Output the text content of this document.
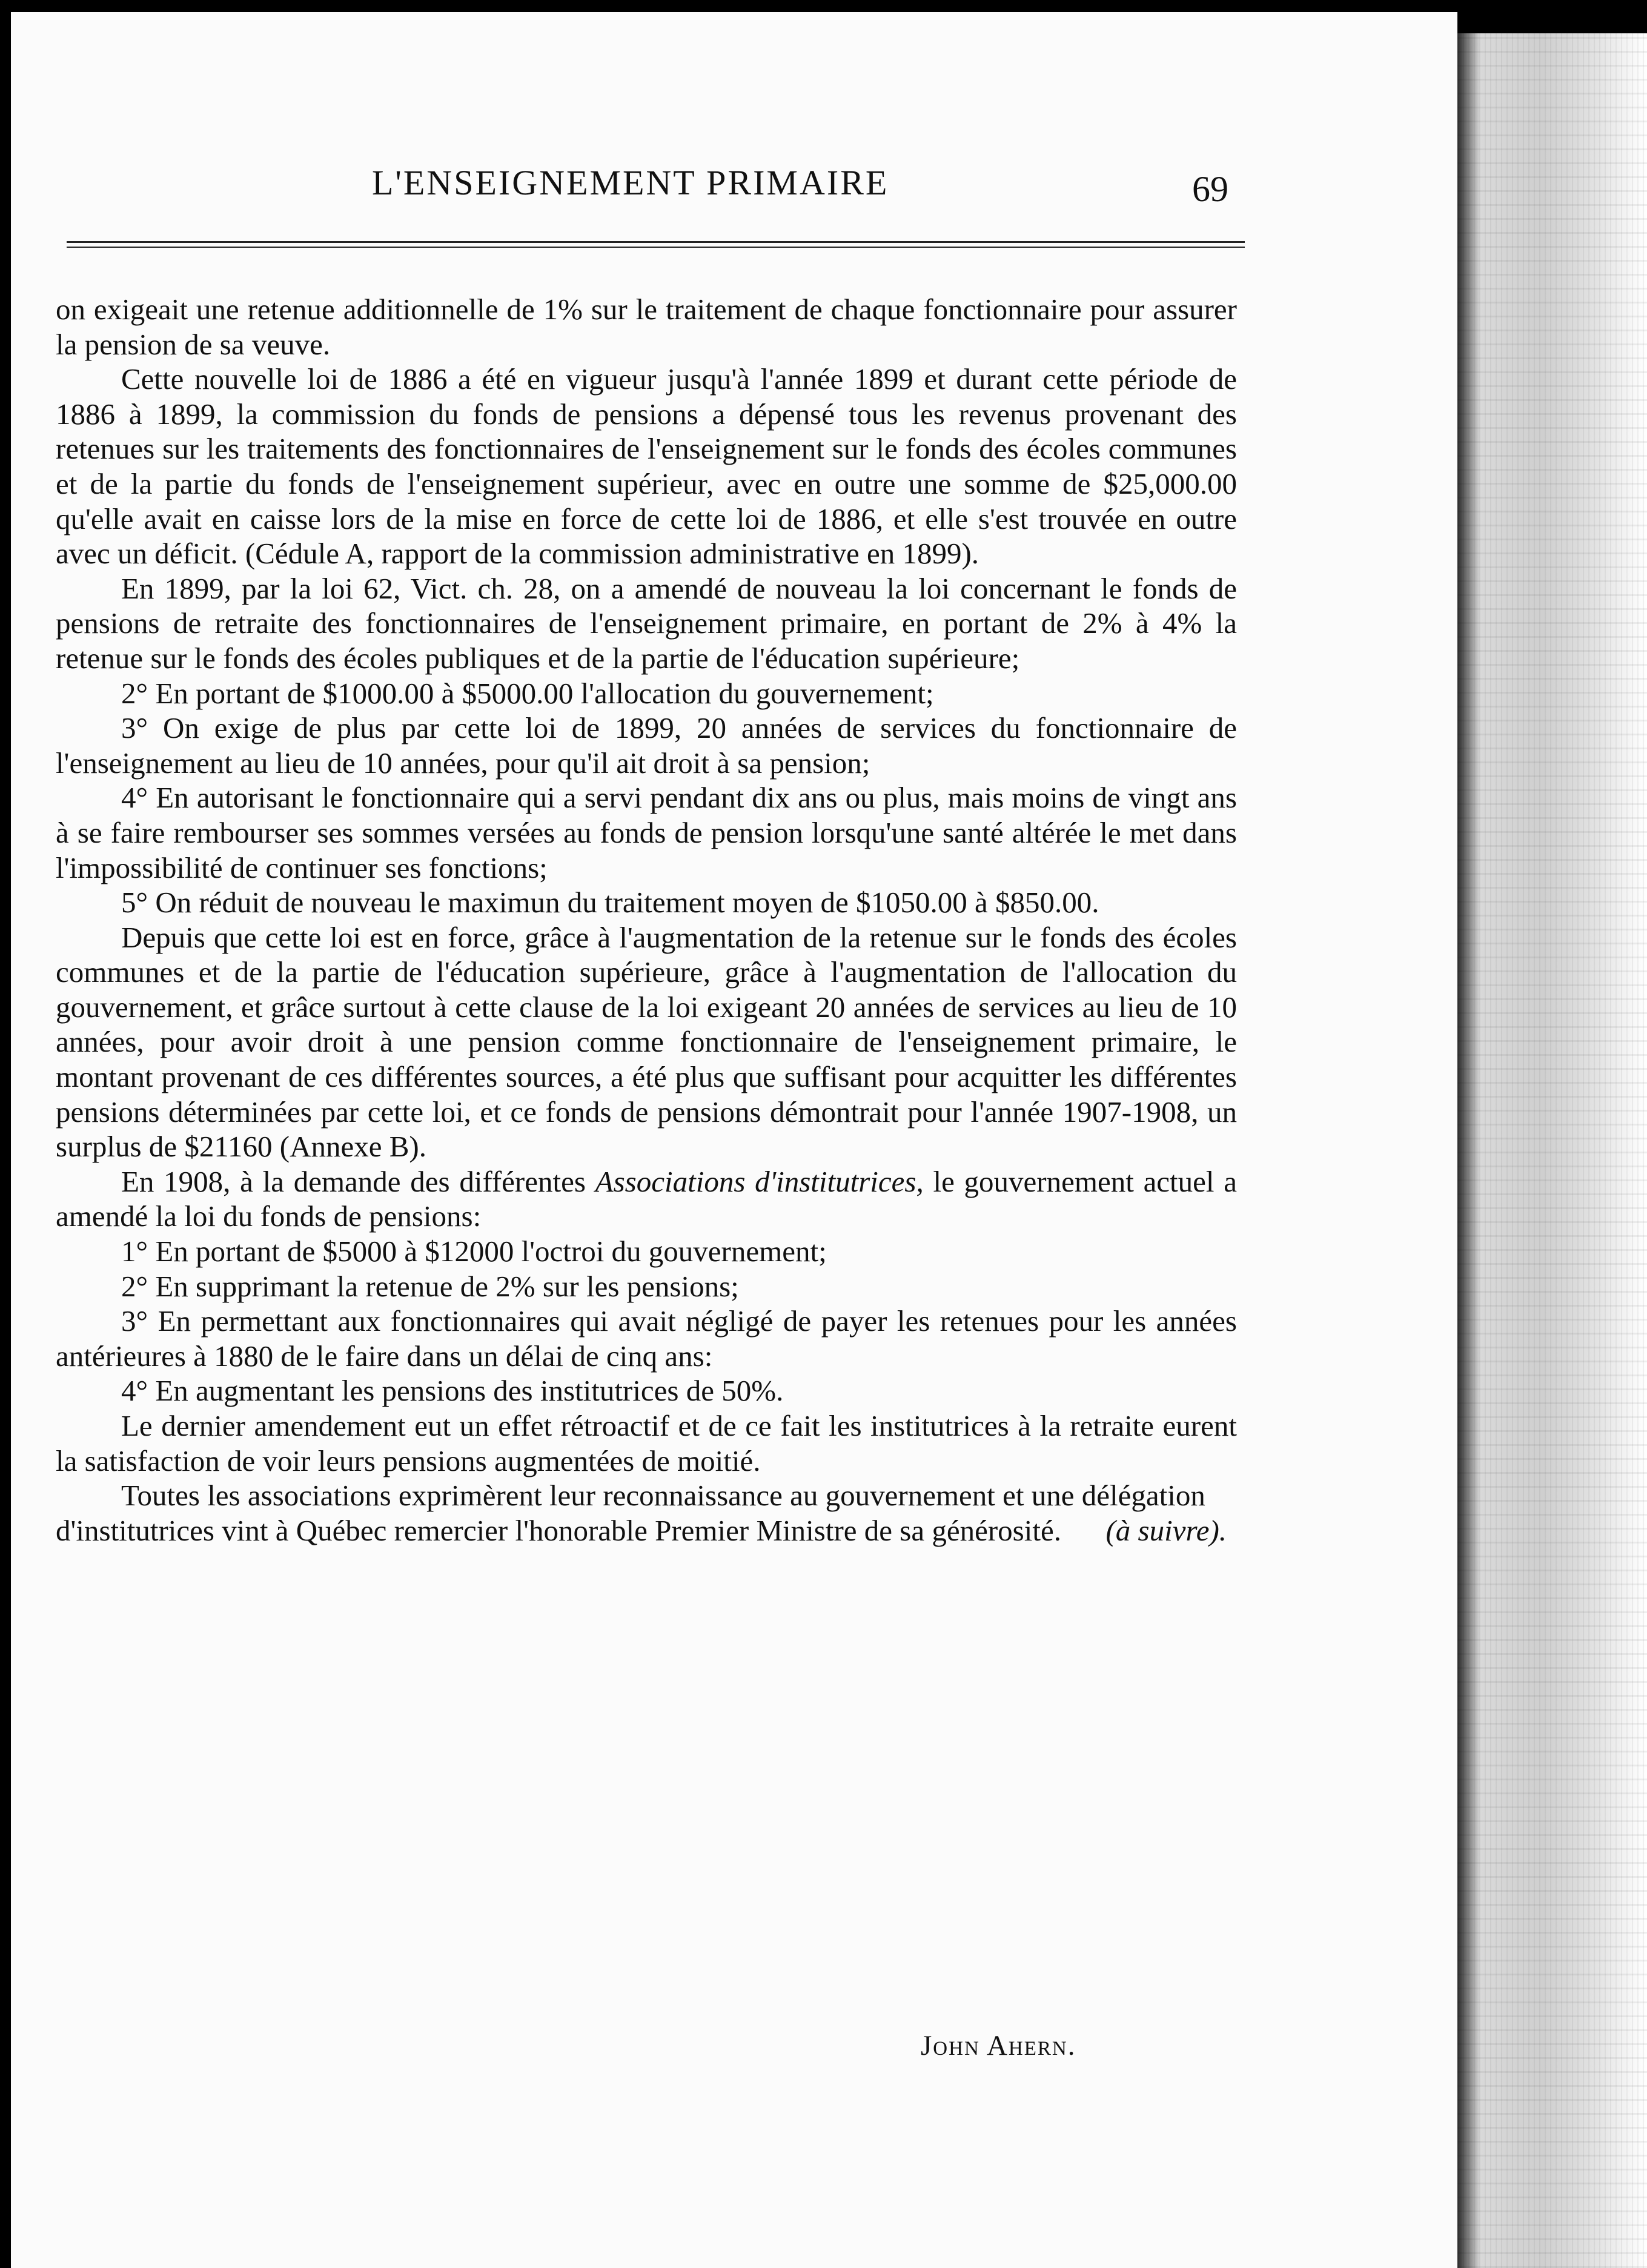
L'ENSEIGNEMENT PRIMAIRE	69

on exigeait une retenue additionnelle de 1% sur le traitement de chaque fonctionnaire pour assurer la pension de sa veuve.

Cette nouvelle loi de 1886 a été en vigueur jusqu'à l'année 1899 et durant cette période de 1886 à 1899, la commission du fonds de pensions a dépensé tous les revenus provenant des retenues sur les traitements des fonctionnaires de l'enseignement sur le fonds des écoles communes et de la partie du fonds de l'enseignement supérieur, avec en outre une somme de $25,000.00 qu'elle avait en caisse lors de la mise en force de cette loi de 1886, et elle s'est trouvée en outre avec un déficit. (Cédule A, rapport de la commission administrative en 1899).

En 1899, par la loi 62, Vict. ch. 28, on a amendé de nouveau la loi concernant le fonds de pensions de retraite des fonctionnaires de l'enseignement primaire, en portant de 2% à 4% la retenue sur le fonds des écoles publiques et de la partie de l'éducation supérieure;

2° En portant de $1000.00 à $5000.00 l'allocation du gouvernement;

3° On exige de plus par cette loi de 1899, 20 années de services du fonctionnaire de l'enseignement au lieu de 10 années, pour qu'il ait droit à sa pension;

4° En autorisant le fonctionnaire qui a servi pendant dix ans ou plus, mais moins de vingt ans à se faire rembourser ses sommes versées au fonds de pension lorsqu'une santé altérée le met dans l'impossibilité de continuer ses fonctions;

5° On réduit de nouveau le maximun du traitement moyen de $1050.00 à $850.00.

Depuis que cette loi est en force, grâce à l'augmentation de la retenue sur le fonds des écoles communes et de la partie de l'éducation supérieure, grâce à l'augmentation de l'allocation du gouvernement, et grâce surtout à cette clause de la loi exigeant 20 années de services au lieu de 10 années, pour avoir droit à une pension comme fonctionnaire de l'enseignement primaire, le montant provenant de ces différentes sources, a été plus que suffisant pour acquitter les différentes pensions déterminées par cette loi, et ce fonds de pensions démontrait pour l'année 1907-1908, un surplus de $21160 (Annexe B).

En 1908, à la demande des différentes Associations d'institutrices, le gouvernement actuel a amendé la loi du fonds de pensions:

1° En portant de $5000 à $12000 l'octroi du gouvernement;

2° En supprimant la retenue de 2% sur les pensions;

3° En permettant aux fonctionnaires qui avait négligé de payer les retenues pour les années antérieures à 1880 de le faire dans un délai de cinq ans:

4° En augmentant les pensions des institutrices de 50%.

Le dernier amendement eut un effet rétroactif et de ce fait les institutrices à la retraite eurent la satisfaction de voir leurs pensions augmentées de moitié.

Toutes les associations exprimèrent leur reconnaissance au gouvernement et une délégation d'institutrices vint à Québec remercier l'honorable Premier Ministre de sa générosité. (à suivre).

John Ahern.
